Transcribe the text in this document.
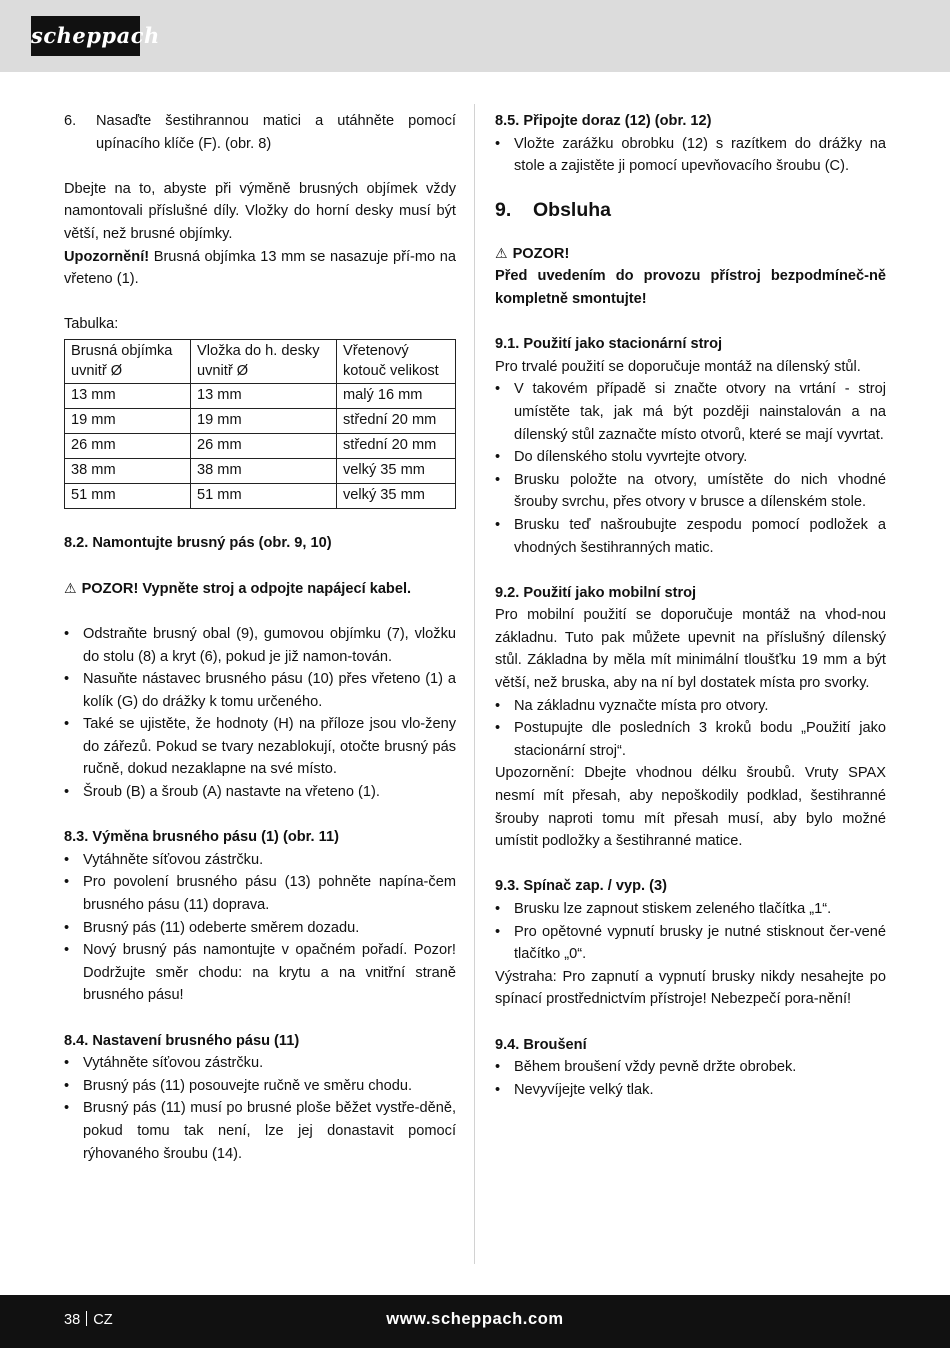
scheppach
6.	Nasaďte šestihrannou matici a utáhněte pomocí upínacího klíče (F). (obr. 8)

Dbejte na to, abyste při výměně brusných objímek vždy namontovali příslušné díly. Vložky do horní desky musí být větší, než brusné objímky.

Upozornění! Brusná objímka 13 mm se nasazuje pří-mo na vřeteno (1).

Tabulka:

Brusná objímka uvnitř Ø	Vložka do h. desky uvnitř Ø	Vřetenový kotouč velikost
13 mm	13 mm	malý 16 mm
19 mm	19 mm	střední 20 mm
26 mm	26 mm	střední 20 mm
38 mm	38 mm	velký 35 mm
51 mm	51 mm	velký 35 mm

8.2. Namontujte brusný pás (obr. 9, 10)

⚠ POZOR! Vypněte stroj a odpojte napájecí kabel.

• Odstraňte brusný obal (9), gumovou objímku (7), vložku do stolu (8) a kryt (6), pokud je již namon-tován.
• Nasuňte nástavec brusného pásu (10) přes vřeteno (1) a kolík (G) do drážky k tomu určeného.
• Také se ujistěte, že hodnoty (H) na příloze jsou vlo-ženy do zářezů. Pokud se tvary nezablokují, otočte brusný pás ručně, dokud nezaklapne na své místo.
• Šroub (B) a šroub (A) nastavte na vřeteno (1).

8.3. Výměna brusného pásu (1) (obr. 11)

• Vytáhněte síťovou zástrčku.
• Pro povolení brusného pásu (13) pohněte napína-čem brusného pásu (11) doprava.
• Brusný pás (11) odeberte směrem dozadu.
• Nový brusný pás namontujte v opačném pořadí. Pozor! Dodržujte směr chodu: na krytu a na vnitřní straně brusného pásu!

8.4. Nastavení brusného pásu (11)

• Vytáhněte síťovou zástrčku.
• Brusný pás (11) posouvejte ručně ve směru chodu.
• Brusný pás (11) musí po brusné ploše běžet vystře-děně, pokud tomu tak není, lze jej donastavit pomocí rýhovaného šroubu (14).

8.5. Připojte doraz (12) (obr. 12)

• Vložte zarážku obrobku (12) s razítkem do drážky na stole a zajistěte ji pomocí upevňovacího šroubu (C).
9.	Obsluha

⚠ POZOR!

Před uvedením do provozu přístroj bezpodmíneč-ně kompletně smontujte!

9.1. Použití jako stacionární stroj

Pro trvalé použití se doporučuje montáž na dílenský stůl.

• V takovém případě si značte otvory na vrtání - stroj umístěte tak, jak má být později nainstalován a na dílenský stůl zaznačte místo otvorů, které se mají vyvrtat.
• Do dílenského stolu vyvrtejte otvory.
• Brusku položte na otvory, umístěte do nich vhodné šrouby svrchu, přes otvory v brusce a dílenském stole.
• Brusku teď našroubujte zespodu pomocí podložek a vhodných šestihranných matic.

9.2. Použití jako mobilní stroj

Pro mobilní použití se doporučuje montáž na vhod-nou základnu. Tuto pak můžete upevnit na příslušný dílenský stůl. Základna by měla mít minimální tloušťku 19 mm a být větší, než bruska, aby na ní byl dostatek místa pro svorky.

• Na základnu vyznačte místa pro otvory.
• Postupujte dle posledních 3 kroků bodu „Použití jako stacionární stroj“.

Upozornění: Dbejte vhodnou délku šroubů. Vruty SPAX nesmí mít přesah, aby nepoškodily podklad, šestihranné šrouby naproti tomu mít přesah musí, aby bylo možné umístit podložky a šestihranné matice.

9.3. Spínač zap. / vyp. (3)

• Brusku lze zapnout stiskem zeleného tlačítka „1“.
• Pro opětovné vypnutí brusky je nutné stisknout čer-vené tlačítko „0“.

Výstraha: Pro zapnutí a vypnutí brusky nikdy nesahejte po spínací prostřednictvím přístroje! Nebezpečí pora-nění!

9.4. Broušení

• Během broušení vždy pevně držte obrobek.
• Nevyvíjejte velký tlak.
38 CZ	www.scheppach.com
